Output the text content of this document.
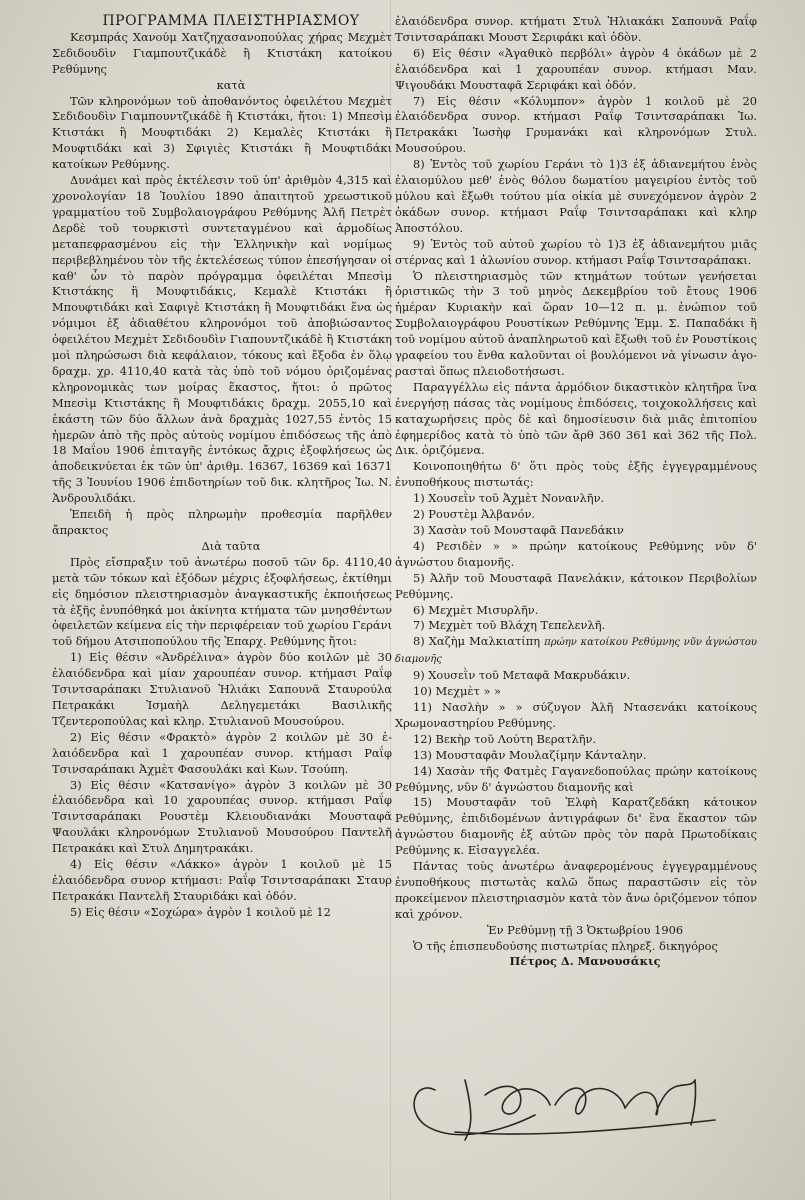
ΠΡΟΓΡΑΜΜΑ ΠΛΕΙΣΤΗΡΙΑΣΜΟΥ

Κεσμπράς Χανούμ Χατζηχασανοπούλας χήρας Μεχμὲτ Σεδιδουδὶν Γιαμπουτζικάδὲ ἢ Κτιστάκη κατοίκου Ρεθύμνης

κατὰ

Τῶν κληρονόμων τοῦ ἀποθανόντος ὀφειλέτου Μεχμὲτ Σεδιδουδὶν Γιαμπουντζικάδὲ ἢ Κτιστάκι, ἤτοι: 1) Μπεσὶμ Κτιστάκι ἢ Μουφτιδάκι 2) Κεμαλὲς Κτιστάκι ἢ Μουφτιδάκι καὶ 3) Σφιγιὲς Κτιστάκι ἢ Μουφτιδάκι κατοίκων Ρεθύμνης.

Δυνάμει καὶ πρὸς ἐκτέλεσιν τοῦ ὑπ' ἀριθμὸν 4,315 καὶ χρονολογίαν 18 Ἰουλίου 1890 ἀπαιτητοῦ χρεωστικοῦ γραμματίου τοῦ Συμβολαιογράφου Ρεθύμνης Ἀλῆ Πετρὲτ Δερδὲ τοῦ τουρκιστὶ συντεταγμένου καὶ ἁρμοδίως μεταπεφρασμένου εἰς τὴν Ἑλληνικὴν καὶ νομίμως περιβεβλημένου τὸν τῆς ἐκτελέσεως τύπον ἐπεσήγησαν οἱ καθ' ὧν τὸ παρὸν πρόγραμμα ὀφειλέται Μπεσὶμ Κτιστάκης ἢ Μουφτιδάκις, Κεμαλὲ Κτιστάκι ἢ Μπουφτιδάκι καὶ Σαφιγὲ Κτιστάκη ἢ Μουφτιδάκι ἕνα ὡς νόμιμοι ἐξ ἀδιαθέτου κληρονόμοι τοῦ ἀποβιώσαντος ὀφειλέτου Μεχμὲτ Σεδιδουδὶν Γιαπουντζικάδὲ ἢ Κτιστάκη μοὶ πληρώσωσι διὰ κεφάλαιον, τόκους καὶ ἔξοδα ἐν ὅλῳ δραχμ. χρ. 4110,40 κατὰ τὰς ὑπὸ τοῦ νόμου ὁριζομένας κληρονομικὰς των μοίρας ἕκαστος, ἤτοι: ὁ πρῶτος Μπεσὶμ Κτιστάκης ἢ Μουφτιδάκις δραχμ. 2055,10 καὶ ἑκάστη τῶν δύο ἄλλων ἀνὰ δραχμὰς 1027,55 ἐντὸς 15 ἡμερῶν ἀπὸ τῆς πρὸς αὐτοὺς νομίμου ἐπιδόσεως τῆς ἀπὸ 18 Μαΐου 1906 ἐπιταγῆς ἐντόκως ἄχρις ἐξοφλήσεως ὡς ἀποδεικνύεται ἐκ τῶν ὑπ' ἀριθμ. 16367, 16369 καὶ 16371 τῆς 3 Ἰουνίου 1906 ἐπιδοτηρίων τοῦ δικ. κλητῆρος Ἰω. Ν. Ἀνδρουλιδάκι.

Ἐπειδὴ ἡ πρὸς πληρωμὴν προθεσμία παρῆλθεν ἄπρακτος

Διὰ ταῦτα

Πρὸς εἴσπραξιν τοῦ ἀνωτέρω ποσοῦ τῶν δρ. 4110,40 μετὰ τῶν τόκων καὶ ἐξόδων μέχρις ἐξοφλήσεως, ἐκτίθημι εἰς δημόσιον πλειστηριασμὸν ἀναγκαστικῆς ἐκποιήσεως τὰ ἑξῆς ἐνυπόθηκά μοι ἀκίνητα κτήματα τῶν μνησθέντων ὀφειλετῶν κείμενα εἰς τὴν περιφέρειαν τοῦ χωρίου Γεράνι τοῦ δήμου Ατσιποπούλου τῆς Ἐπαρχ. Ρεθύμνης ἤτοι:

1) Εἰς θέσιν «Ἀνδρέλινα» ἀγρὸν δύο κοιλῶν μὲ 30 ἐλαιόδενδρα καὶ μίαν χαρουπέαν συνορ. κτήμασι Ραΐφ Τσιντσαράπακι Στυλιανοῦ Ἠλιάκι Σαπουνᾶ Σταυρούλα Πετρακάκι Ἰσμαὴλ Δεληγεμετάκι Βασιλικῆς Τζεντεροπούλας καὶ κληρ. Στυλιανοῦ Μουσούρου.

2) Εἰς θέσιν «Φρακτὸ» ἀγρὸν 2 κοιλῶν μὲ 30 ἐλαιόδενδρα καὶ 1 χαρουπέαν συνορ. κτήμασι Ραΐφ Τσινσαράπακι Ἀχμὲτ Φασουλάκι καὶ Κων. Τσούπη.

3) Εἰς θέσιν «Κατσανίγο» ἀγρὸν 3 κοιλῶν μὲ 30 ἐλαιόδενδρα καὶ 10 χαρουπέας συνορ. κτήμασι Ραΐφ Τσιντσαράπακι Ρουστὲμ Κλειουδιανάκι Μουσταφᾶ Ψαουλάκι κληρονόμων Στυλιανοῦ Μουσούρου Παντελῆ Πετρακάκι καὶ Στυλ Δημητρακάκι.

4) Εἰς θέσιν «Λάκκο» ἀγρὸν 1 κοιλοῦ μὲ 15 ἐλαιόδενδρα συνορ κτήμασι: Ραΐφ Τσιντσαράπακι Σταυρ Πετρακάκι Παντελῆ Σταυριδάκι καὶ ὁδόν.

5) Εἰς θέσιν «Σοχώρα» ἀγρὸν 1 κοιλοῦ μὲ 12

ἐλαιόδενδρα συνορ. κτήματι Στυλ Ἠλιακάκι Σαπουνᾶ Ραΐφ Τσιντσαράπακι Μουστ Σεριφάκι καὶ ὁδὸν.

6) Εἰς θέσιν «Ἀγαθικὸ περβόλι» ἀγρὸν 4 ὀκάδων μὲ 2 ἐλαιόδενδρα καὶ 1 χαρουπέαν συνορ. κτήμασι Μαν. Ψιγουδάκι Μουσταφᾶ Σεριφάκι καὶ ὁδόν.

7) Εἰς θέσιν «Κόλυμπον» ἀγρὸν 1 κοιλοῦ μὲ 20 ἐλαιόδενδρα συνορ. κτήμασι Ραΐφ Τσιντσαράπακι Ἰω. Πετρακάκι Ἰωσὴφ Γρυμανάκι καὶ κληρονόμων Στυλ. Μουσούρου.

8) Ἐντὸς τοῦ χωρίου Γεράνι τὸ 1)3 ἐξ ἀδιανεμήτου ἑνὸς ἐλαιομύλου μεθ' ἑνὸς θόλου δωματίου μαγειρίου ἐντὸς τοῦ μύλου καὶ ἔξωθι τούτου μία οἰκία μὲ συνεχόμενον ἀγρὸν 2 ὀκάδων συνορ. κτήμασι Ραΐφ Τσιντσαράπακι καὶ κληρ Ἀποστόλου.

9) Ἐντὸς τοῦ αὐτοῦ χωρίου τὸ 1)3 ἐξ ἀδιανεμήτου μιᾶς στέρνας καὶ 1 ἁλωνίου συνορ. κτήμασι Ραΐφ Τσιντσαράπακι.

Ὁ πλειστηριασμὸς τῶν κτημάτων τούτων γενήσεται ὁριστικῶς τὴν 3 τοῦ μηνὸς Δεκεμβρίου τοῦ ἔτους 1906 ἡμέραν Κυριακὴν καὶ ὥραν 10—12 π. μ. ἐνώπιον τοῦ Συμβολαιογράφου Ρουστίκων Ρεθύμνης Ἐμμ. Σ. Παπαδάκι ἢ τοῦ νομίμου αὐτοῦ ἀναπληρωτοῦ καὶ ἔξωθι τοῦ ἐν Ρουστίκοις γραφείου του ἔνθα καλοῦνται οἱ βουλόμενοι νὰ γίνωσιν ἀγορασταὶ ὅπως πλειοδοτήσωσι.

Παραγγέλλω εἰς πάντα ἁρμόδιον δικαστικὸν κλητῆρα ἵνα ἐνεργήσῃ πάσας τὰς νομίμους ἐπιδόσεις, τοιχοκολλήσεις καὶ καταχωρήσεις πρὸς δὲ καὶ δημοσίευσιν διὰ μιᾶς ἐπιτοπίου ἐφημερίδος κατὰ τὸ ὑπὸ τῶν ἄρθ 360 361 καὶ 362 τῆς Πολ. Δικ. ὁριζόμενα.

Κοινοποιηθήτω δ' ὅτι πρὸς τοὺς ἑξῆς ἐγγεγραμμένους ἐνυποθήκους πιστωτάς:

1) Χουσεῒν τοῦ Ἀχμὲτ Νονανλῆν.

2) Ρουστὲμ Ἀλβανόν.

3) Χασὰν τοῦ Μουσταφᾶ Πανεδάκιν

4) Ρεσιδὲν » » πρώην κατοίκους Ρεθύμνης νῦν δ' ἀγνώστου διαμονῆς.

5) Ἀλῆν τοῦ Μουσταφᾶ Πανελάκιν, κάτοικον Περιβολίων Ρεθύμνης.

6) Μεχμὲτ Μισυρλῆν.

7) Μεχμὲτ τοῦ Βλάχη Τεπελενλῆ.

8) Χαζὴμ Μαλκιατίπη πρώην κατοίκου Ρεθύμνης νῦν ἀγνώστου διαμονῆς

9) Χουσεῒν τοῦ Μεταφᾶ Μακρυδάκιν.

10) Μεχμὲτ » »

11) Νασλὴν » » σύζυγον Ἀλῆ Ντασενάκι κατοίκους Χρωμοναστηρίου Ρεθύμνης.

12) Βεκὴρ τοῦ Λούτη Βερατλῆν.

13) Μουσταφᾶν Μουλαζίμην Κάνταλην.

14) Χασὰν τῆς Φατμὲς Γαγανεδοπούλας πρώην κατοίκους Ρεθύμνης, νῦν δ' ἀγνώστου διαμονῆς καὶ

15) Μουσταφᾶν τοῦ Ἐλφὴ Καρατζεδάκη κάτοικον Ρεθύμνης, ἐπιδιδομένων ἀντιγράφων δι' ἓνα ἕκαστον τῶν ἀγνώστου διαμονῆς ἐξ αὐτῶν πρὸς τὸν παρὰ Πρωτοδίκαις Ρεθύμνης κ. Εἰσαγγελέα.

Πάντας τοὺς ἀνωτέρω ἀναφερομένους ἐγγεγραμμένους ἐνυποθήκους πιστωτὰς καλῶ ὅπως παραστῶσιν εἰς τὸν προκείμενον πλειστηριασμὸν κατὰ τὸν ἄνω ὁριζόμενον τόπον καὶ χρόνον.

Ἐν Ρεθύμνῃ τῇ 3 Ὀκτωβρίου 1906

Ὁ τῆς ἐπισπευδούσης πιστωτρίας πληρεξ. δικηγόρος

Πέτρος Δ. Μανουσάκις
